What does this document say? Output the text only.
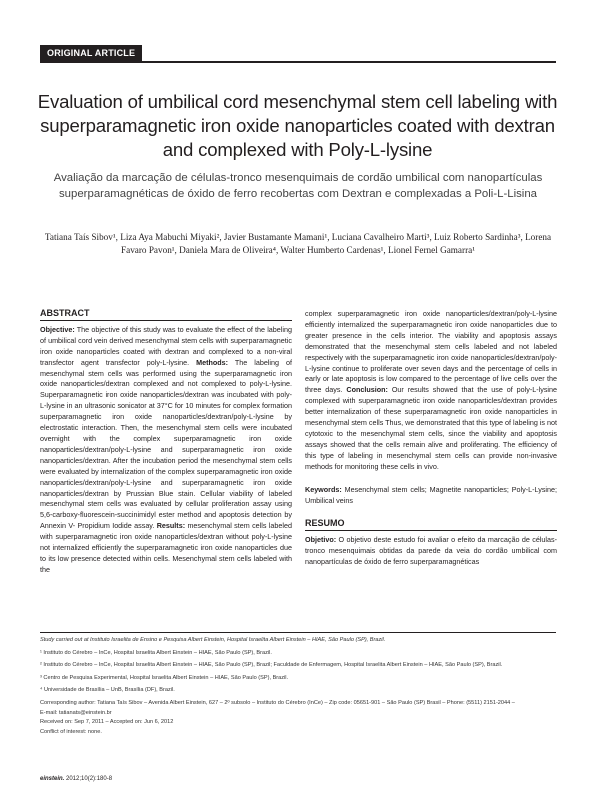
ORIGINAL ARTICLE
Evaluation of umbilical cord mesenchymal stem cell labeling with superparamagnetic iron oxide nanoparticles coated with dextran and complexed with Poly-L-lysine
Avaliação da marcação de células-tronco mesenquimais de cordão umbilical com nanopartículas superparamagnéticas de óxido de ferro recobertas com Dextran e complexadas a Poli-L-Lisina
Tatiana Taís Sibov¹, Liza Aya Mabuchi Miyaki², Javier Bustamante Mamani¹, Luciana Cavalheiro Marti³, Luiz Roberto Sardinha³, Lorena Favaro Pavon¹, Daniela Mara de Oliveira⁴, Walter Humberto Cardenas¹, Lionel Fernel Gamarra¹
ABSTRACT

Objective: The objective of this study was to evaluate the effect of the labeling of umbilical cord vein derived mesenchymal stem cells with superparamagnetic iron oxide nanoparticles coated with dextran and complexed to a non-viral transfector agent transfector poly-L-lysine. Methods: The labeling of mesenchymal stem cells was performed using the superparamagnetic iron oxide nanoparticles/dextran complexed and not complexed to poly-L-lysine. Superparamagnetic iron oxide nanoparticles/dextran was incubated with poly-L-lysine in an ultrasonic sonicator at 37°C for 10 minutes for complex formation superparamagnetic iron oxide nanoparticles/dextran/poly-L-lysine by electrostatic interaction. Then, the mesenchymal stem cells were incubated overnight with the complex superparamagnetic iron oxide nanoparticles/dextran/poly-L-lysine and superparamagnetic iron oxide nanoparticles/dextran. After the incubation period the mesenchymal stem cells were evaluated by internalization of the complex superparamagnetic iron oxide nanoparticles/dextran/poly-L-lysine and superparamagnetic iron oxide nanoparticles/dextran by Prussian Blue stain. Cellular viability of labeled mesenchymal stem cells was evaluated by cellular proliferation assay using 5,6-carboxy-fluorescein-succinimidyl ester method and apoptosis detection by Annexin V- Propidium Iodide assay. Results: mesenchymal stem cells labeled with superparamagnetic iron oxide nanoparticles/dextran without poly-L-lysine not internalized efficiently the superparamagnetic iron oxide nanoparticles due to its low presence detected within cells. Mesenchymal stem cells labeled with the

complex superparamagnetic iron oxide nanoparticles/dextran/poly-L-lysine efficiently internalized the superparamagnetic iron oxide nanoparticles due to greater presence in the cells interior. The viability and apoptosis assays demonstrated that the mesenchymal stem cells labeled and not labeled respectively with the superparamagnetic iron oxide nanoparticles/dextran/poly-L-lysine continue to proliferate over seven days and the percentage of cells in early or late apoptosis is low compared to the percentage of live cells over the three days. Conclusion: Our results showed that the use of poly-L-lysine complexed with superparamagnetic iron oxide nanoparticles/dextran provides better internalization of these superparamagnetic iron oxide nanoparticles in mesenchymal stem cells Thus, we demonstrated that this type of labeling is not cytotoxic to the mesenchymal stem cells, since the viability and apoptosis assays showed that the cells remain alive and proliferating. The efficiency of this type of labeling in mesenchymal stem cells can provide non-invasive methods for monitoring these cells in vivo.

Keywords: Mesenchymal stem cells; Magnetite nanoparticles; Poly-L-Lysine; Umbilical veins

RESUMO

Objetivo: O objetivo deste estudo foi avaliar o efeito da marcação de células-tronco mesenquimais obtidas da parede da veia do cordão umbilical com nanopartículas de óxido de ferro superparamagnéticas

Study carried out at Instituto Israelita de Ensino e Pesquisa Albert Einstein, Hospital Israelita Albert Einstein – HIAE, São Paulo (SP), Brazil.
¹ Instituto do Cérebro – InCe, Hospital Israelita Albert Einstein – HIAE, São Paulo (SP), Brazil.
² Instituto do Cérebro – InCe, Hospital Israelita Albert Einstein – HIAE, São Paulo (SP), Brazil; Faculdade de Enfermagem, Hospital Israelita Albert Einstein – HIAE, São Paulo (SP), Brazil.
³ Centro de Pesquisa Experimental, Hospital Israelita Albert Einstein – HIAE, São Paulo (SP), Brazil.
⁴ Universidade de Brasília – UnB, Brasília (DF), Brazil.
Corresponding author: Tatiana Taís Sibov – Avenida Albert Einstein, 627 – 2º subsolo – Instituto do Cérebro (InCe) – Zip code: 05651-901 – São Paulo (SP) Brasil – Phone: (5511) 2151-2044 –
E-mail: tatianats@einstein.br
Received on: Sep 7, 2011 – Accepted on: Jun 6, 2012
Conflict of interest: none.
einstein. 2012;10(2):180-8
